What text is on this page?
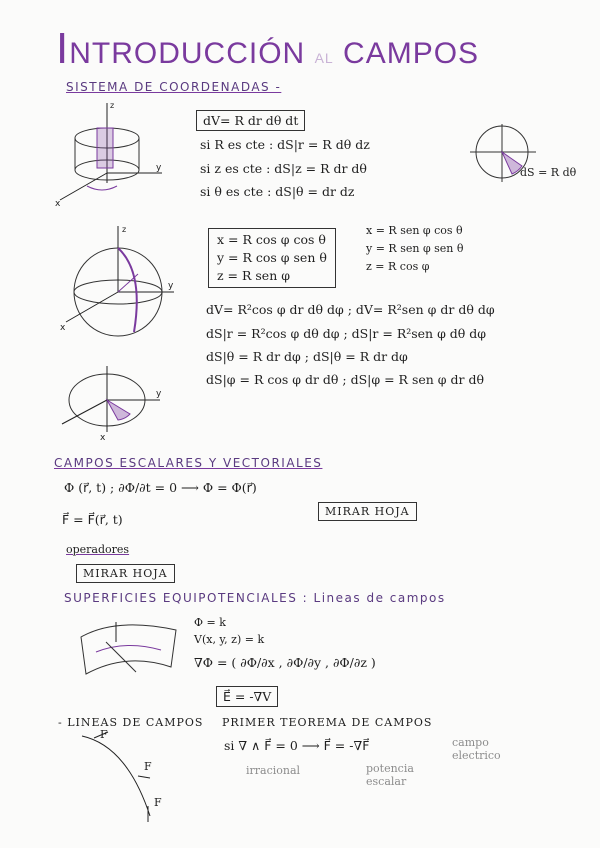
INTRODUCCIÓN AL CAMPOS
SISTEMA DE COORDENADAS -
z
y
x
dV= R dr dθ dt
si R es cte : dS|r = R dθ dz
si z es cte : dS|z = R dr dθ
si θ es cte : dS|θ = dr dz
dS = R dθ
z
y
x
x = R cos φ cos θ
y = R cos φ sen θ
z = R sen φ
x = R sen φ cos θ
y = R sen φ sen θ
z = R cos φ
dV= R²cos φ dr dθ dφ ; dV= R²sen φ dr dθ dφ
dS|r = R²cos φ dθ dφ ; dS|r = R²sen φ dθ dφ
dS|θ = R dr dφ ; dS|θ = R dr dφ
dS|φ = R cos φ dr dθ ; dS|φ = R sen φ dr dθ
y
x
CAMPOS ESCALARES Y VECTORIALES
Φ (r⃗, t) ; ∂Φ/∂t = 0 ⟶ Φ = Φ(r⃗)
F⃗ = F⃗(r⃗, t)
MIRAR HOJA
operadores
MIRAR HOJA
SUPERFICIES EQUIPOTENCIALES : Lineas de campos
Φ = k
V(x, y, z) = k
∇Φ = ( ∂Φ/∂x , ∂Φ/∂y , ∂Φ/∂z )
E⃗ = -∇V
- LINEAS DE CAMPOS PRIMER TEOREMA DE CAMPOS
F
F
F
si ∇ ∧ F⃗ = 0 ⟶ F⃗ = -∇F⃗
irracional	potencia
escalar
campo
electrico
